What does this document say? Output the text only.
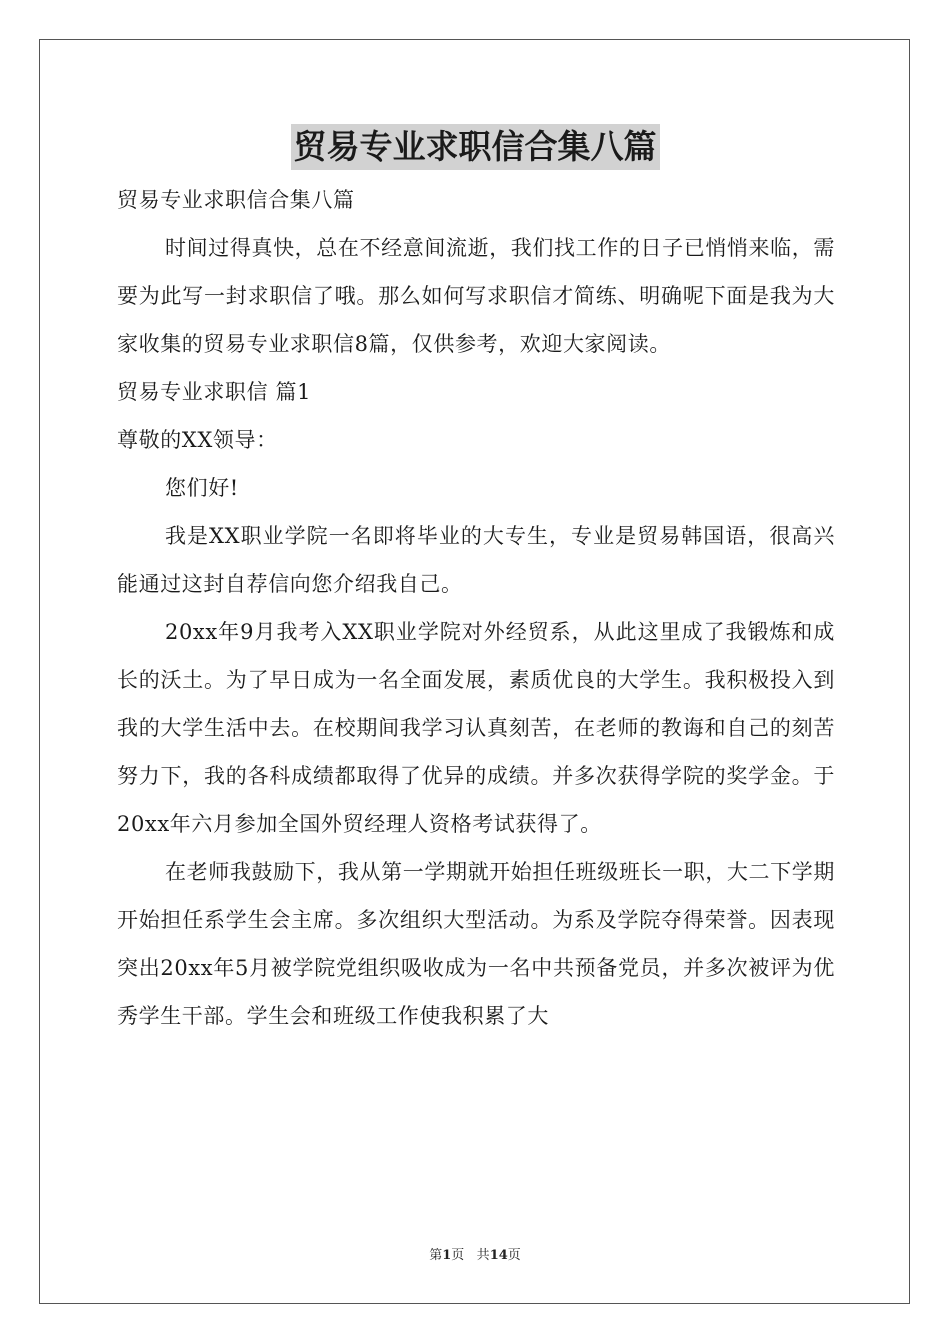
贸易专业求职信合集八篇

贸易专业求职信合集八篇

时间过得真快，总在不经意间流逝，我们找工作的日子已悄悄来临，需要为此写一封求职信了哦。那么如何写求职信才简练、明确呢下面是我为大家收集的贸易专业求职信8篇，仅供参考，欢迎大家阅读。

贸易专业求职信 篇1

尊敬的XX领导：

您们好!

我是XX职业学院一名即将毕业的大专生，专业是贸易韩国语，很高兴能通过这封自荐信向您介绍我自己。

20xx年9月我考入XX职业学院对外经贸系，从此这里成了我锻炼和成长的沃土。为了早日成为一名全面发展，素质优良的大学生。我积极投入到我的大学生活中去。在校期间我学习认真刻苦，在老师的教诲和自己的刻苦努力下，我的各科成绩都取得了优异的成绩。并多次获得学院的奖学金。于20xx年六月参加全国外贸经理人资格考试获得了。

在老师我鼓励下，我从第一学期就开始担任班级班长一职，大二下学期开始担任系学生会主席。多次组织大型活动。为系及学院夺得荣誉。因表现突出20xx年5月被学院党组织吸收成为一名中共预备党员，并多次被评为优秀学生干部。学生会和班级工作使我积累了大

第1页 共14页
